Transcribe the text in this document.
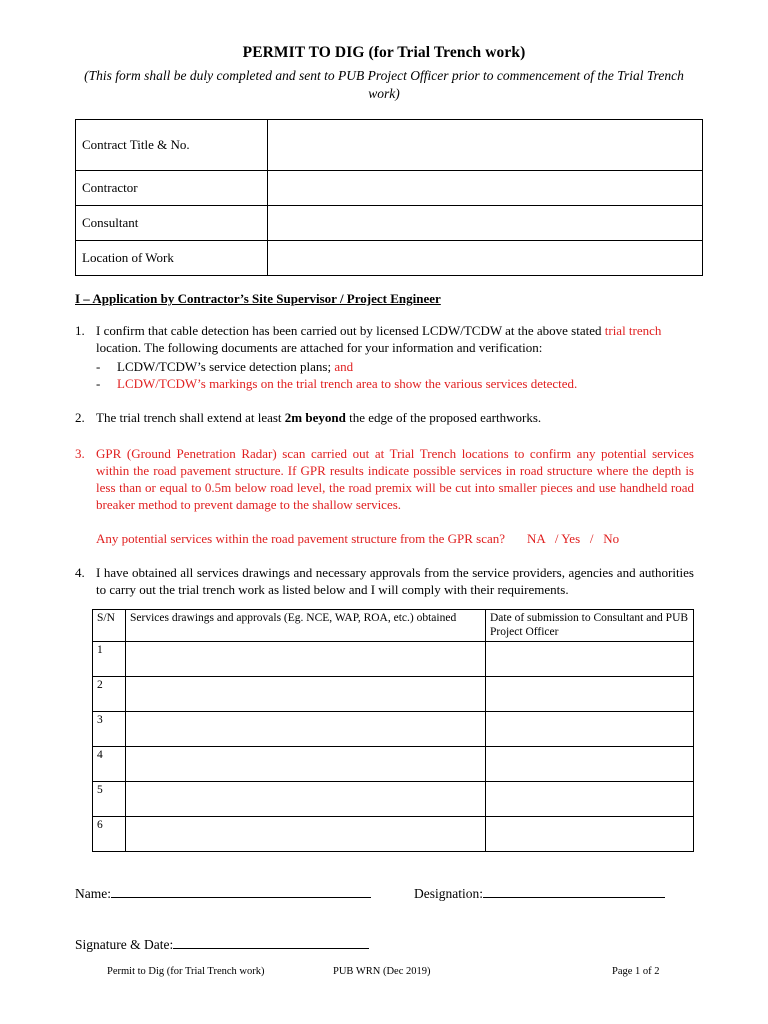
PERMIT TO DIG (for Trial Trench work)
(This form shall be duly completed and sent to PUB Project Officer prior to commencement of the Trial Trench work)
Contract Title & No.	
Contractor	
Consultant	
Location of Work	
I – Application by Contractor’s Site Supervisor / Project Engineer
1. I confirm that cable detection has been carried out by licensed LCDW/TCDW at the above stated trial trench location. The following documents are attached for your information and verification:
- LCDW/TCDW’s service detection plans; and
- LCDW/TCDW’s markings on the trial trench area to show the various services detected.
2. The trial trench shall extend at least 2m beyond the edge of the proposed earthworks.
3. GPR (Ground Penetration Radar) scan carried out at Trial Trench locations to confirm any potential services within the road pavement structure. If GPR results indicate possible services in road structure where the depth is less than or equal to 0.5m below road level, the road premix will be cut into smaller pieces and use handheld road breaker method to prevent damage to the shallow services.
Any potential services within the road pavement structure from the GPR scan? NA   / Yes   /   No
4. I have obtained all services drawings and necessary approvals from the service providers, agencies and authorities to carry out the trial trench work as listed below and I will comply with their requirements.
S/N	Services drawings and approvals (Eg. NCE, WAP, ROA, etc.) obtained	Date of submission to Consultant and PUB Project Officer
1		
2		
3		
4		
5		
6		
Name:	Designation:
Signature & Date:
Permit to Dig (for Trial Trench work)	PUB WRN (Dec 2019)	Page 1 of 2
